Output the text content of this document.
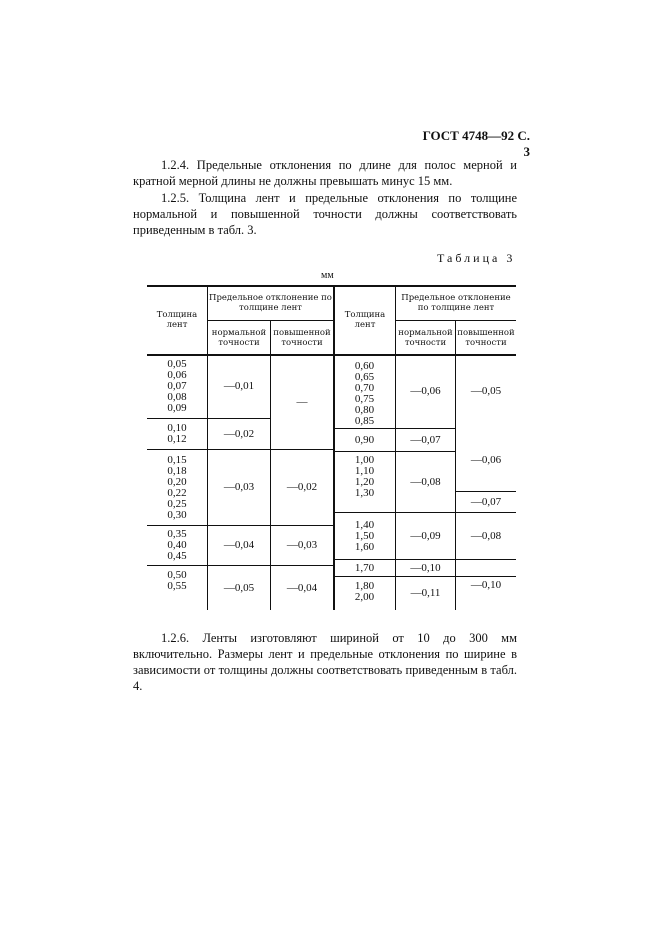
ГОСТ 4748—92 С. 3

1.2.4. Предельные отклонения по длине для полос мерной и кратной мерной длины не должны превышать минус 15 мм.

1.2.5. Толщина лент и предельные отклонения по толщине нормальной и повышенной точности должны соответствовать приведенным в табл. 3.

Таблица 3
мм
Толщина лент
Предельное отклонение по толщине лент
нормальной точности
повышенной точности
Толщина лент
Предельное отклонение по толщине лент
нормальной точности
повышенной точности
0,05
0,06
0,07
0,08
0,09
0,10
0,12
0,15
0,18
0,20
0,22
0,25
0,30
0,35
0,40
0,45
0,50
0,55
—0,01
—0,02
—0,03
—0,04
—0,05
—
—0,02
—0,03
—0,04
0,60
0,65
0,70
0,75
0,80
0,85
0,90
1,00
1,10
1,20
1,30
1,40
1,50
1,60
1,70
1,80
2,00
—0,06
—0,07
—0,08
—0,09
—0,10
—0,11
—0,05
—0,06
—0,07
—0,08
—0,10

1.2.6. Ленты изготовляют шириной от 10 до 300 мм включительно. Размеры лент и предельные отклонения по ширине в зависимости от толщины должны соответствовать приведенным в табл. 4.
